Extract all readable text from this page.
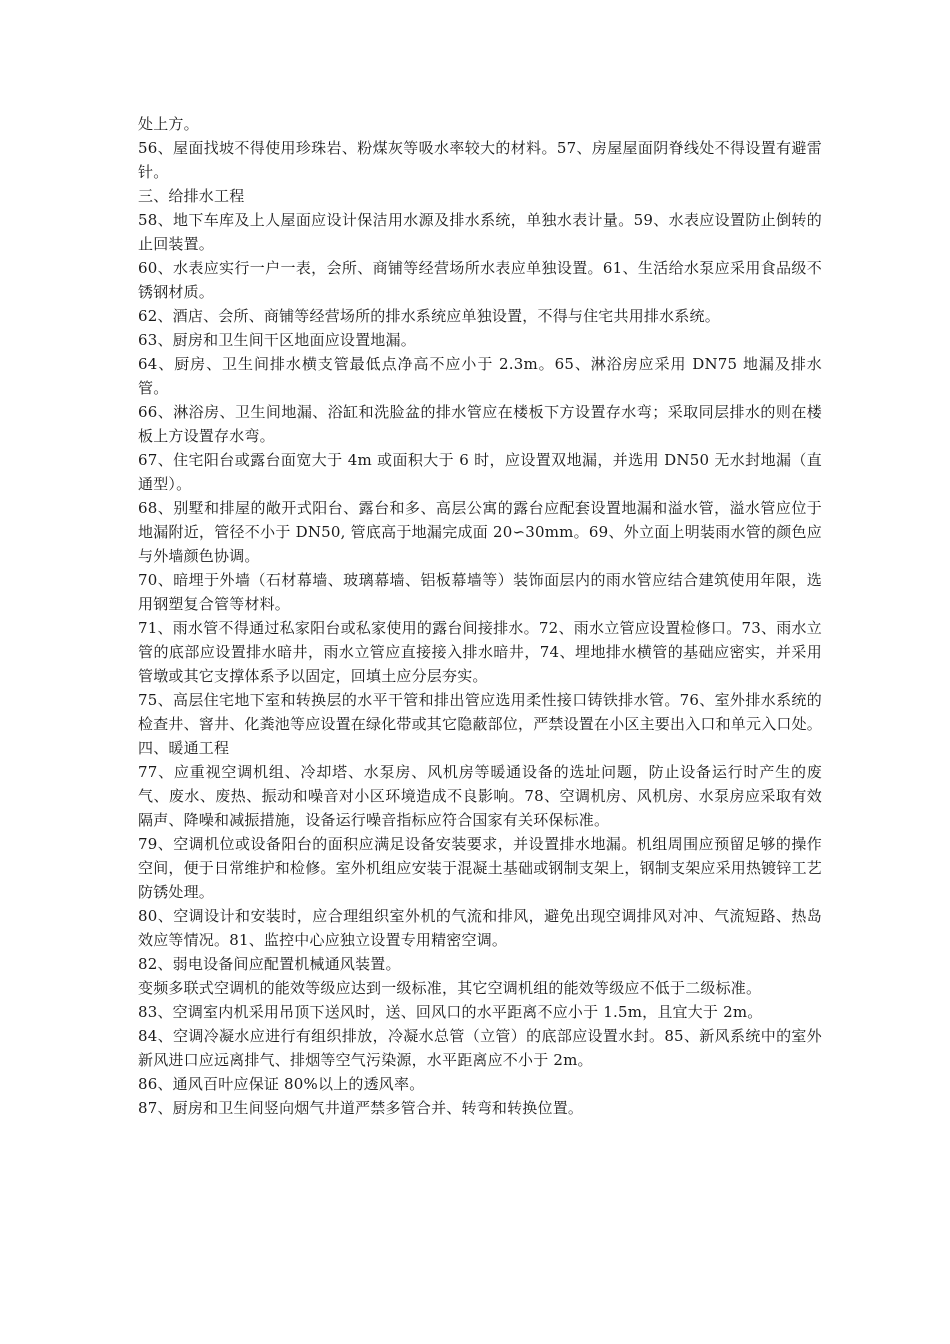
处上方。

56、屋面找坡不得使用珍珠岩、粉煤灰等吸水率较大的材料。57、房屋屋面阴脊线处不得设置有避雷针。

三、给排水工程

58、地下车库及上人屋面应设计保洁用水源及排水系统，单独水表计量。59、水表应设置防止倒转的止回装置。

60、水表应实行一户一表，会所、商铺等经营场所水表应单独设置。61、生活给水泵应采用食品级不锈钢材质。

62、酒店、会所、商铺等经营场所的排水系统应单独设置，不得与住宅共用排水系统。

63、厨房和卫生间干区地面应设置地漏。

64、厨房、卫生间排水横支管最低点净高不应小于 2.3m。65、淋浴房应采用 DN75 地漏及排水管。

66、淋浴房、卫生间地漏、浴缸和洗脸盆的排水管应在楼板下方设置存水弯；采取同层排水的则在楼板上方设置存水弯。

67、住宅阳台或露台面宽大于 4m 或面积大于 6 时，应设置双地漏，并选用 DN50 无水封地漏（直通型）。

68、别墅和排屋的敞开式阳台、露台和多、高层公寓的露台应配套设置地漏和溢水管，溢水管应位于地漏附近，管径不小于 DN50, 管底高于地漏完成面 20∽30mm。69、外立面上明装雨水管的颜色应与外墙颜色协调。

70、暗埋于外墙（石材幕墙、玻璃幕墙、铝板幕墙等）装饰面层内的雨水管应结合建筑使用年限，选用钢塑复合管等材料。

71、雨水管不得通过私家阳台或私家使用的露台间接排水。72、雨水立管应设置检修口。73、雨水立管的底部应设置排水暗井，雨水立管应直接接入排水暗井，74、埋地排水横管的基础应密实，并采用管墩或其它支撑体系予以固定，回填土应分层夯实。

75、高层住宅地下室和转换层的水平干管和排出管应选用柔性接口铸铁排水管。76、室外排水系统的检查井、窨井、化粪池等应设置在绿化带或其它隐蔽部位，严禁设置在小区主要出入口和单元入口处。

四、暖通工程

77、应重视空调机组、冷却塔、水泵房、风机房等暖通设备的选址问题，防止设备运行时产生的废气、废水、废热、振动和噪音对小区环境造成不良影响。78、空调机房、风机房、水泵房应采取有效隔声、降噪和减振措施，设备运行噪音指标应符合国家有关环保标准。

79、空调机位或设备阳台的面积应满足设备安装要求，并设置排水地漏。机组周围应预留足够的操作空间，便于日常维护和检修。室外机组应安装于混凝土基础或钢制支架上，钢制支架应采用热镀锌工艺防锈处理。

80、空调设计和安装时，应合理组织室外机的气流和排风，避免出现空调排风对冲、气流短路、热岛效应等情况。81、监控中心应独立设置专用精密空调。

82、弱电设备间应配置机械通风装置。

变频多联式空调机的能效等级应达到一级标准，其它空调机组的能效等级应不低于二级标准。

83、空调室内机采用吊顶下送风时，送、回风口的水平距离不应小于 1.5m，且宜大于 2m。

84、空调冷凝水应进行有组织排放，冷凝水总管（立管）的底部应设置水封。85、新风系统中的室外新风进口应远离排气、排烟等空气污染源，水平距离应不小于 2m。

86、通风百叶应保证 80%以上的透风率。

87、厨房和卫生间竖向烟气井道严禁多管合并、转弯和转换位置。
